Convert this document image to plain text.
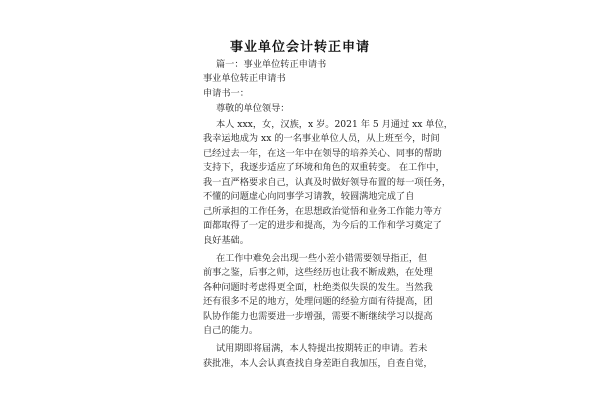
事业单位会计转正申请

篇一：事业单位转正申请书

事业单位转正申请书

申请书一：

尊敬的单位领导：

本人 xxx，女，汉族，x 岁。2021 年 5 月通过 xx 单位，

我幸运地成为 xx 的一名事业单位人员，从上班至今，时间

已经过去一年，在这一年中在领导的培养关心、同事的帮助

支持下，我逐步适应了环境和角色的双重转变。 在工作中，

我一直严格要求自己，认真及时做好领导布置的每一项任务，

不懂的问题虚心向同事学习请教，较圆满地完成了自

己所承担的工作任务，在思想政治觉悟和业务工作能力等方

面都取得了一定的进步和提高，为今后的工作和学习奠定了

良好基础。

在工作中难免会出现一些小差小错需要领导指正，但

前事之鉴，后事之师，这些经历也让我不断成熟，在处理

各种问题时考虑得更全面，杜绝类似失误的发生。当然我

还有很多不足的地方，处理问题的经验方面有待提高，团

队协作能力也需要进一步增强，需要不断继续学习以提高

自己的能力。

试用期即将届满，本人特提出按期转正的申请。若未

获批准，本人会认真查找自身差距自我加压，自查自觉，
